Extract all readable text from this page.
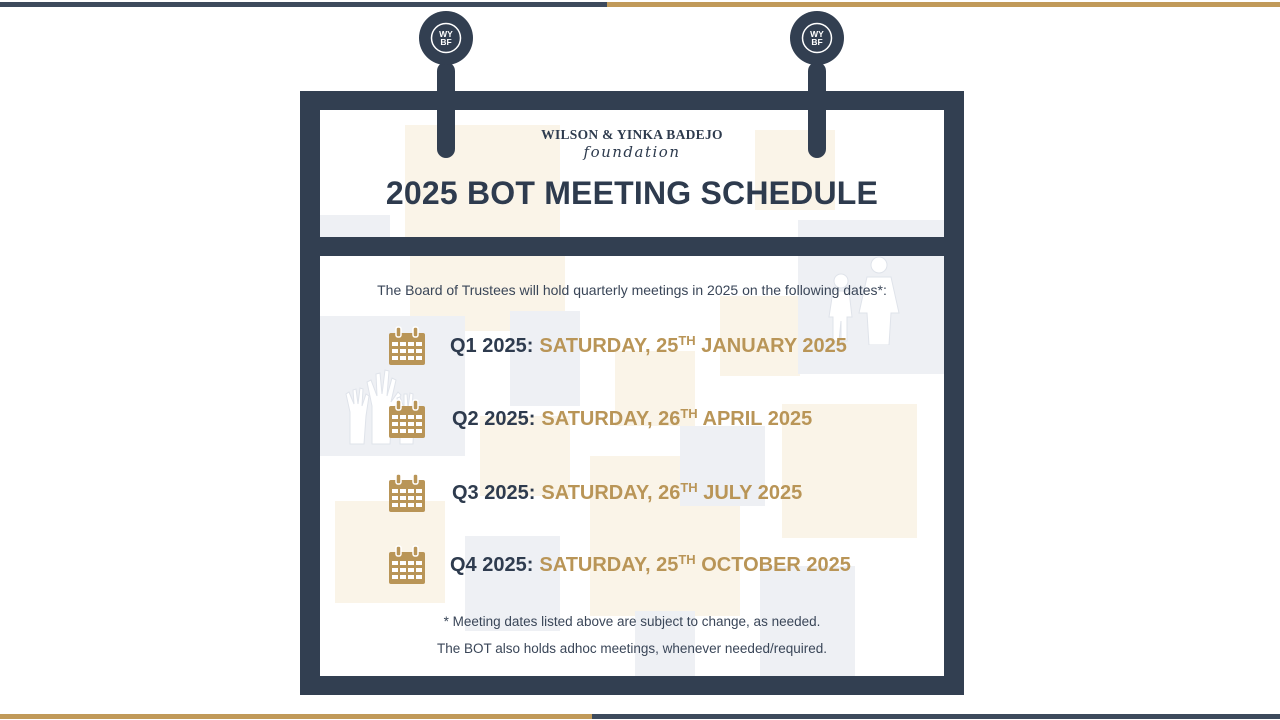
WY BF
WY BF
WILSON & YINKA BADEJO
foundation
2025 BOT MEETING SCHEDULE
The Board of Trustees will hold quarterly meetings in 2025 on the following dates*:
Q1 2025: SATURDAY, 25TH JANUARY 2025
Q2 2025: SATURDAY, 26TH APRIL 2025
Q3 2025: SATURDAY, 26TH JULY 2025
Q4 2025: SATURDAY, 25TH OCTOBER 2025
* Meeting dates listed above are subject to change, as needed.
The BOT also holds adhoc meetings, whenever needed/required.
